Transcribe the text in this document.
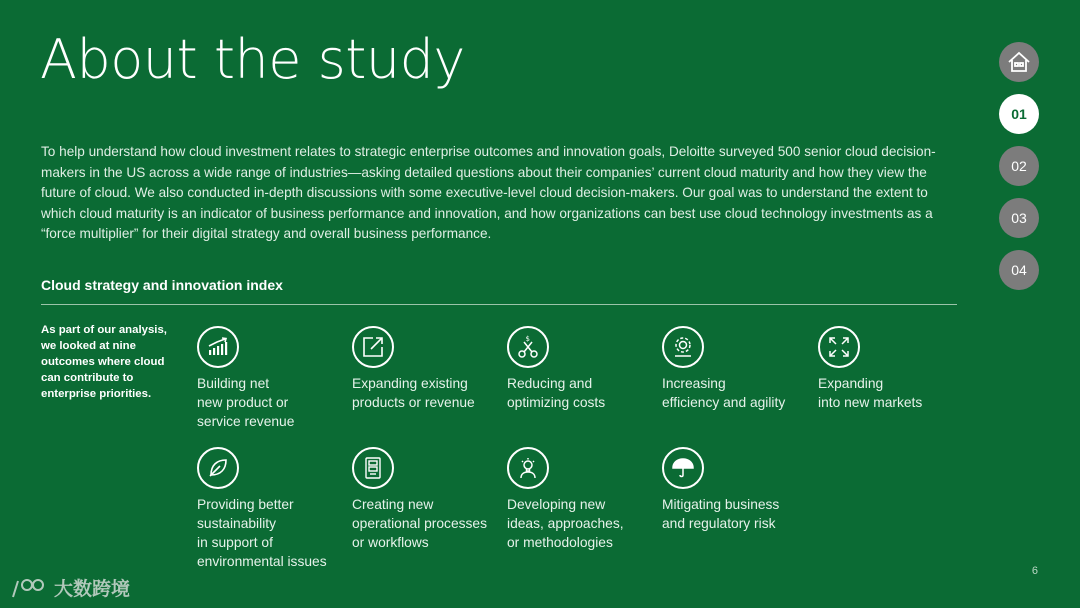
About the study
To help understand how cloud investment relates to strategic enterprise outcomes and innovation goals, Deloitte surveyed 500 senior cloud decision-makers in the US across a wide range of industries—asking detailed questions about their companies’ current cloud maturity and how they view the future of cloud. We also conducted in-depth discussions with some executive-level cloud decision-makers. Our goal was to understand the extent to which cloud maturity is an indicator of business performance and innovation, and how organizations can best use cloud technology investments as a “force multiplier” for their digital strategy and overall business performance.
Cloud strategy and innovation index
As part of our analysis, we looked at nine outcomes where cloud can contribute to enterprise priorities.
Building net
new product or
service revenue
Expanding existing
products or revenue
$
Reducing and
optimizing costs
Increasing
efficiency and agility
Expanding
into new markets
Providing better
sustainability
in support of
environmental issues
Creating new
operational processes
or workflows
Developing new
ideas, approaches,
or methodologies
Mitigating business
and regulatory risk
01
02
03
04
6
大数跨境
